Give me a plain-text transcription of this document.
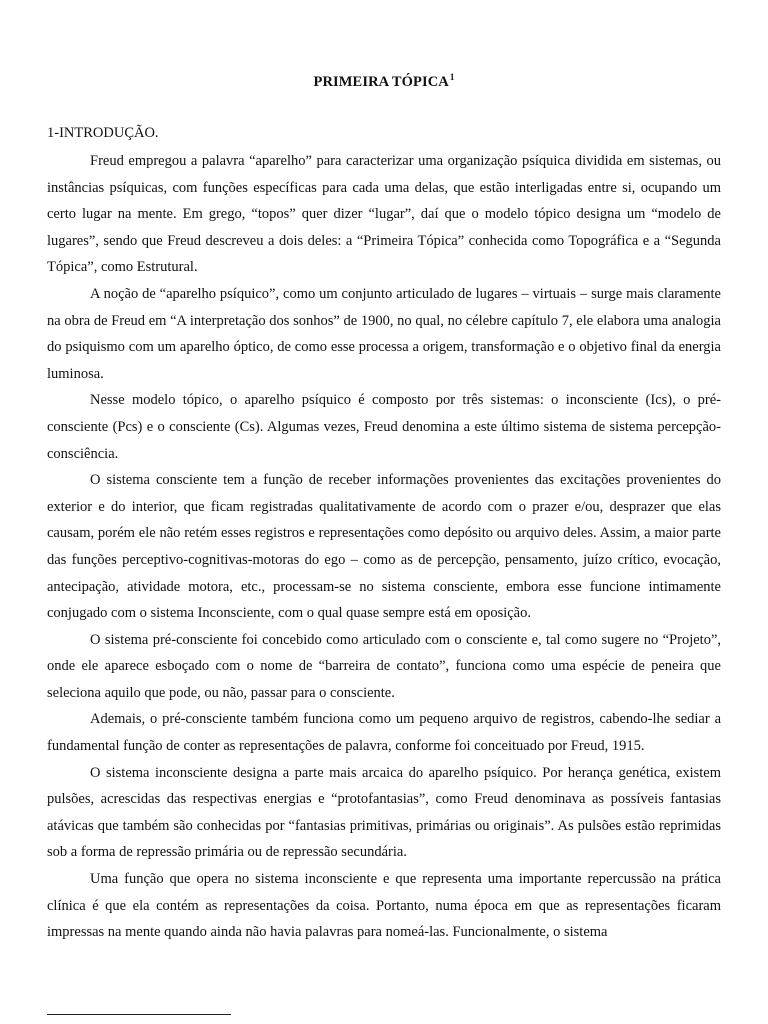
PRIMEIRA TÓPICA$^1$
1-INTRODUÇÃO.

Freud empregou a palavra “aparelho” para caracterizar uma organização psíquica dividida em sistemas, ou instâncias psíquicas, com funções específicas para cada uma delas, que estão interligadas entre si, ocupando um certo lugar na mente. Em grego, “topos” quer dizer “lugar”, daí que o modelo tópico designa um “modelo de lugares”, sendo que Freud descreveu a dois deles: a “Primeira Tópica” conhecida como Topográfica e a “Segunda Tópica”, como Estrutural.

A noção de “aparelho psíquico”, como um conjunto articulado de lugares – virtuais – surge mais claramente na obra de Freud em “A interpretação dos sonhos” de 1900, no qual, no célebre capítulo 7, ele elabora uma analogia do psiquismo com um aparelho óptico, de como esse processa a origem, transformação e o objetivo final da energia luminosa.

Nesse modelo tópico, o aparelho psíquico é composto por três sistemas: o inconsciente (Ics), o pré-consciente (Pcs) e o consciente (Cs). Algumas vezes, Freud denomina a este último sistema de sistema percepção-consciência.

O sistema consciente tem a função de receber informações provenientes das excitações provenientes do exterior e do interior, que ficam registradas qualitativamente de acordo com o prazer e/ou, desprazer que elas causam, porém ele não retém esses registros e representações como depósito ou arquivo deles. Assim, a maior parte das funções perceptivo-cognitivas-motoras do ego – como as de percepção, pensamento, juízo crítico, evocação, antecipação, atividade motora, etc., processam-se no sistema consciente, embora esse funcione intimamente conjugado com o sistema Inconsciente, com o qual quase sempre está em oposição.

O sistema pré-consciente foi concebido como articulado com o consciente e, tal como sugere no “Projeto”, onde ele aparece esboçado com o nome de “barreira de contato”, funciona como uma espécie de peneira que seleciona aquilo que pode, ou não, passar para o consciente.

Ademais, o pré-consciente também funciona como um pequeno arquivo de registros, cabendo-lhe sediar a fundamental função de conter as representações de palavra, conforme foi conceituado por Freud, 1915.

O sistema inconsciente designa a parte mais arcaica do aparelho psíquico. Por herança genética, existem pulsões, acrescidas das respectivas energias e “protofantasias”, como Freud denominava as possíveis fantasias atávicas que também são conhecidas por “fantasias primitivas, primárias ou originais”. As pulsões estão reprimidas sob a forma de repressão primária ou de repressão secundária.

Uma função que opera no sistema inconsciente e que representa uma importante repercussão na prática clínica é que ela contém as representações da coisa. Portanto, numa época em que as representações ficaram impressas na mente quando ainda não havia palavras para nomeá-las. Funcionalmente, o sistema
